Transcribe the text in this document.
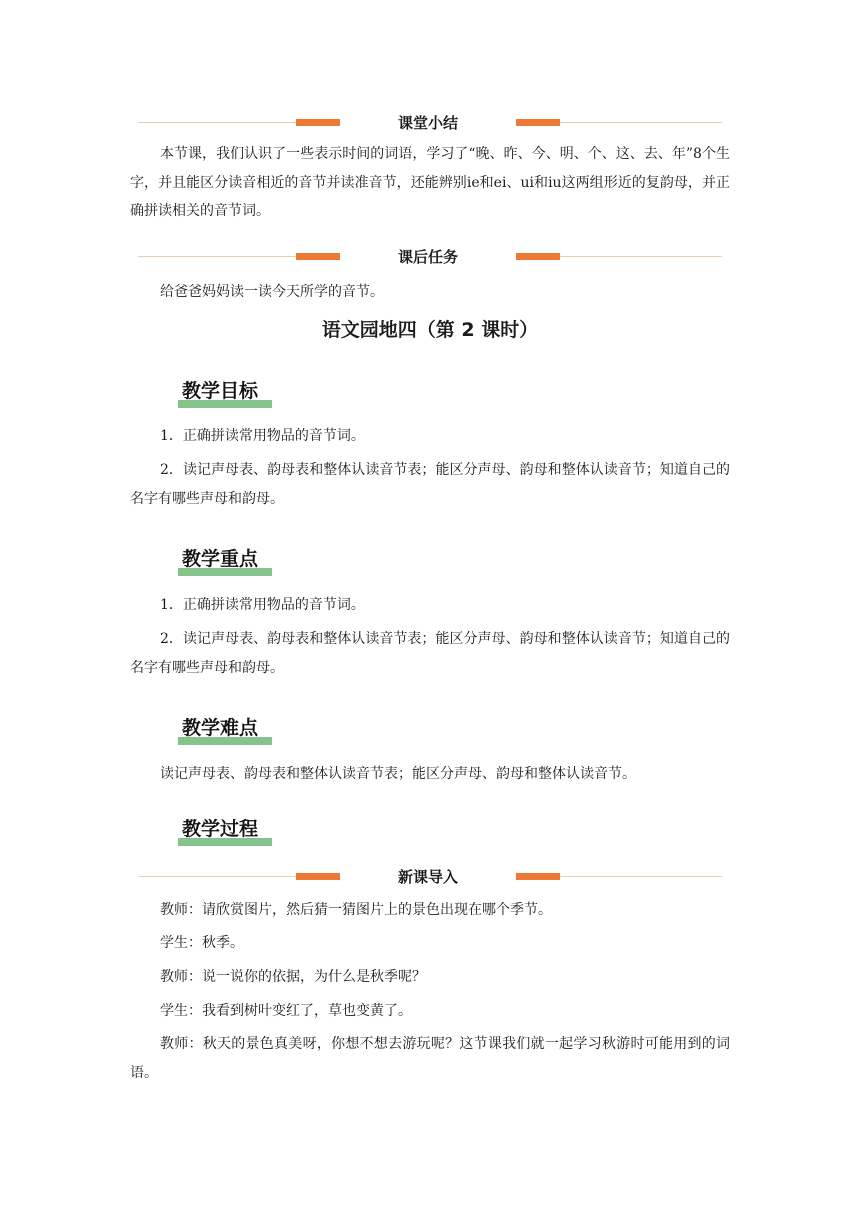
课堂小结

本节课，我们认识了一些表示时间的词语，学习了“晚、昨、今、明、个、这、去、年”8个生字，并且能区分读音相近的音节并读准音节，还能辨别ie和ei、ui和iu这两组形近的复韵母，并正确拼读相关的音节词。

课后任务

给爸爸妈妈读一读今天所学的音节。

语文园地四（第 2 课时）
教学目标

1．正确拼读常用物品的音节词。

2．读记声母表、韵母表和整体认读音节表；能区分声母、韵母和整体认读音节；知道自己的名字有哪些声母和韵母。

教学重点

1．正确拼读常用物品的音节词。

2．读记声母表、韵母表和整体认读音节表；能区分声母、韵母和整体认读音节；知道自己的名字有哪些声母和韵母。

教学难点

读记声母表、韵母表和整体认读音节表；能区分声母、韵母和整体认读音节。

教学过程
新课导入

教师：请欣赏图片，然后猜一猜图片上的景色出现在哪个季节。

学生：秋季。

教师：说一说你的依据，为什么是秋季呢？

学生：我看到树叶变红了，草也变黄了。

教师：秋天的景色真美呀，你想不想去游玩呢？这节课我们就一起学习秋游时可能用到的词语。
